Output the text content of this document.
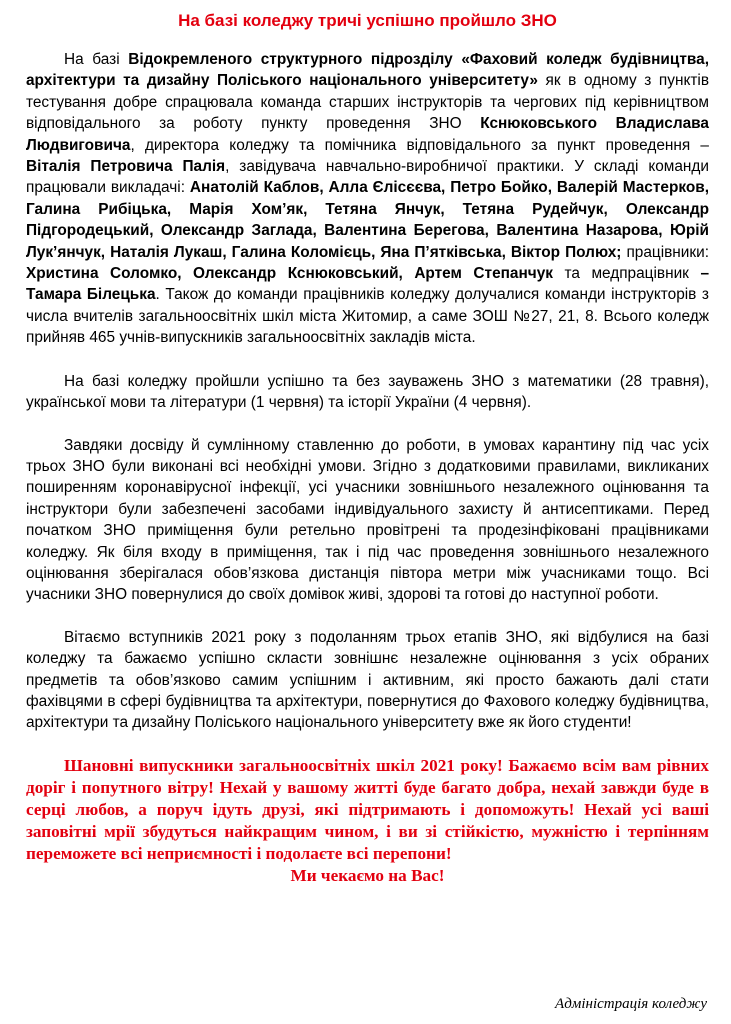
На базі коледжу тричі успішно пройшло ЗНО

На базі Відокремленого структурного підрозділу «Фаховий коледж будівництва, архітектури та дизайну Поліського національного університету» як в одному з пунктів тестування добре спрацювала команда старших інструкторів та чергових під керівництвом відповідального за роботу пункту проведення ЗНО Кснюковського Владислава Людвиговича, директора коледжу та помічника відповідального за пункт проведення – Віталія Петровича Палія, завідувача навчально-виробничої практики. У складі команди працювали викладачі: Анатолій Каблов, Алла Єлісєєва, Петро Бойко, Валерій Мастерков, Галина Рибіцька, Марія Хом’як, Тетяна Янчук, Тетяна Рудейчук, Олександр Підгородецький, Олександр Заглада, Валентина Берегова, Валентина Назарова, Юрій Лук’янчук, Наталія Лукаш, Галина Коломієць, Яна П’ятківська, Віктор Полюх; працівники: Христина Соломко, Олександр Кснюковський, Артем Степанчук та медпрацівник – Тамара Білецька. Також до команди працівників коледжу долучалися команди інструкторів з числа вчителів загальноосвітніх шкіл міста Житомир, а саме ЗОШ №27, 21, 8. Всього коледж прийняв 465 учнів-випускників загальноосвітніх закладів міста.

На базі коледжу пройшли успішно та без зауважень ЗНО з математики (28 травня), української мови та літератури (1 червня) та історії України (4 червня).

Завдяки досвіду й сумлінному ставленню до роботи, в умовах карантину під час усіх трьох ЗНО були виконані всі необхідні умови. Згідно з додатковими правилами, викликаних поширенням коронавірусної інфекції, усі учасники зовнішнього незалежного оцінювання та інструктори були забезпечені засобами індивідуального захисту й антисептиками. Перед початком ЗНО приміщення були ретельно провітрені та продезінфіковані працівниками коледжу. Як біля входу в приміщення, так і під час проведення зовнішнього незалежного оцінювання зберігалася обов’язкова дистанція півтора метри між учасниками тощо. Всі учасники ЗНО повернулися до своїх домівок живі, здорові та готові до наступної роботи.

Вітаємо вступників 2021 року з подоланням трьох етапів ЗНО, які відбулися на базі коледжу та бажаємо успішно скласти зовнішнє незалежне оцінювання з усіх обраних предметів та обов’язково самим успішним і активним, які просто бажають далі стати фахівцями в сфері будівництва та архітектури, повернутися до Фахового коледжу будівництва, архітектури та дизайну Поліського національного університету вже як його студенти!

Шановні випускники загальноосвітніх шкіл 2021 року! Бажаємо всім вам рівних доріг і попутного вітру! Нехай у вашому житті буде багато добра, нехай завжди буде в серці любов, а поруч ідуть друзі, які підтримають і допоможуть! Нехай усі ваші заповітні мрії збудуться найкращим чином, і ви зі стійкістю, мужністю і терпінням переможете всі неприємності і подолаєте всі перепони!

Ми чекаємо на Вас!

Адміністрація коледжу
